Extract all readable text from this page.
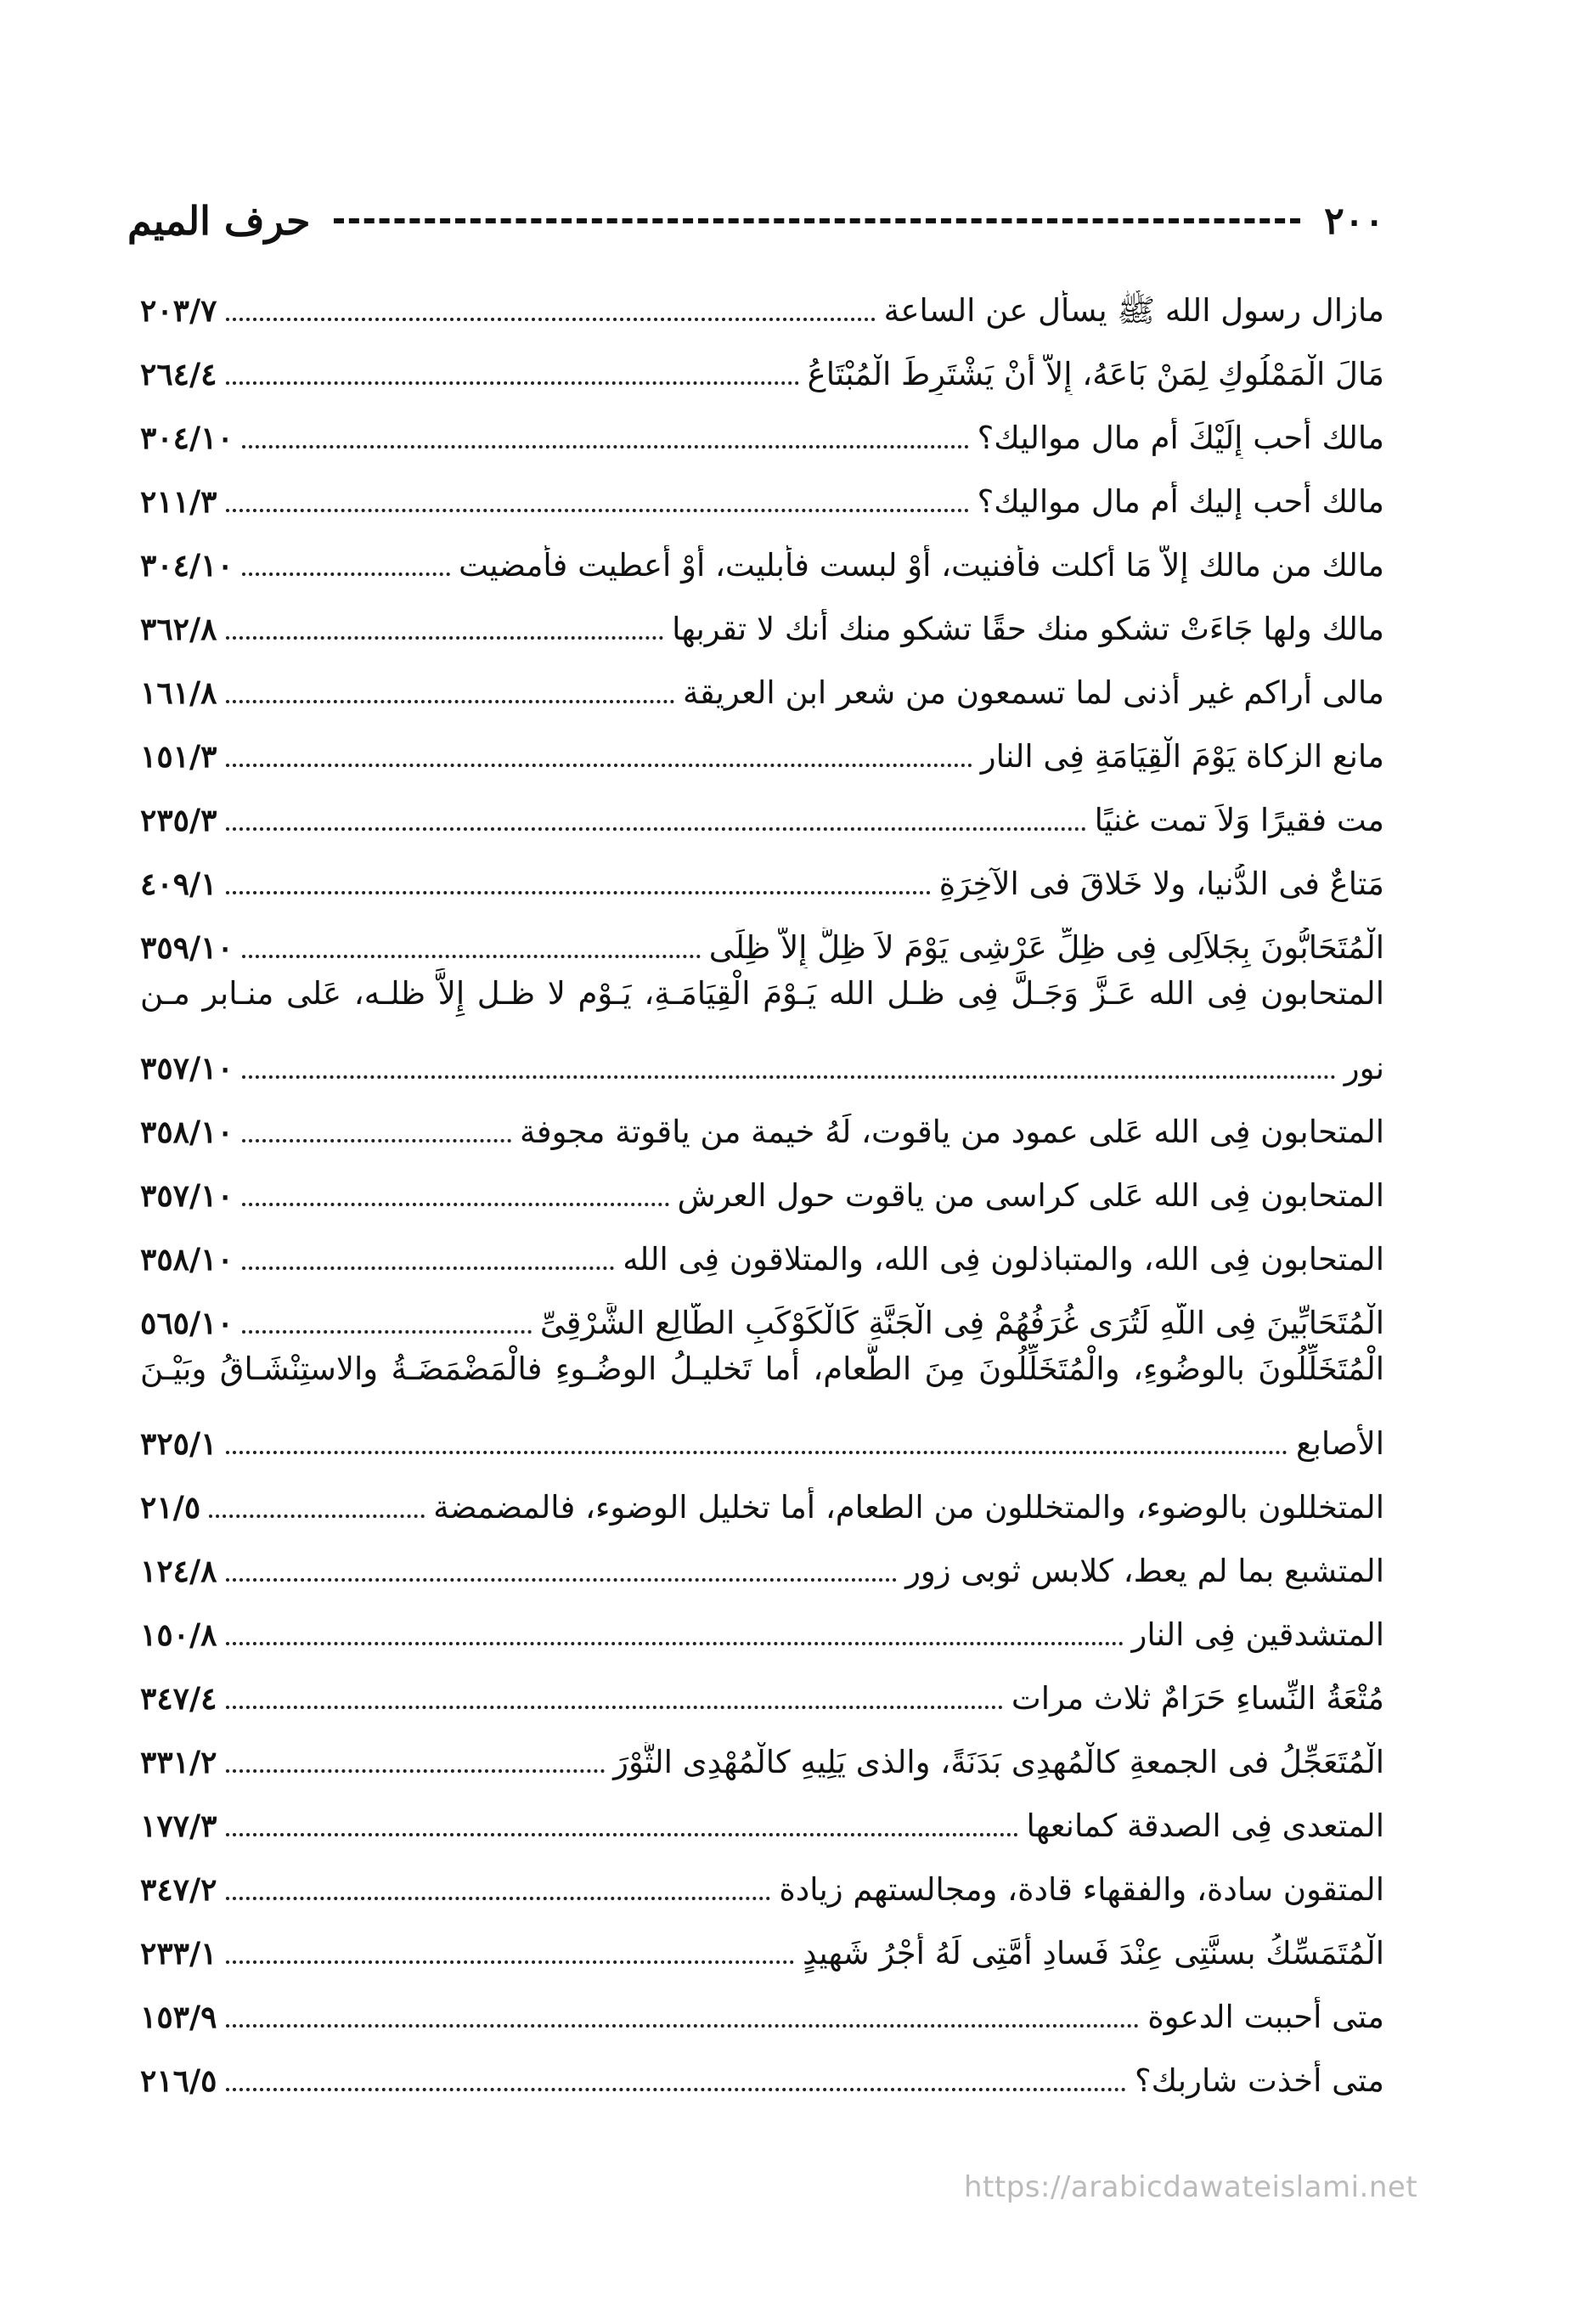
٢٠٠
حرف الميم
مازال رسول الله ﷺ يسأل عن الساعة
٢٠٣/٧
مَالَ الْمَمْلُوكِ لِمَنْ بَاعَهُ، إِلاَّ أَنْ يَشْتَرِطَ الْمُبْتَاعُ
٢٦٤/٤
مالك أحب إِلَيْكَ أم مال مواليك؟
٣٠٤/١٠
مالك أحب إليك أم مال مواليك؟
٢١١/٣
مالك من مالك إلاَّ مَا أكلت فأفنيت، أوْ لبست فأبليت، أوْ أعطيت فأمضيت
٣٠٤/١٠
مالك ولها جَاءَتْ تشكو منك حقًا تشكو منك أنك لا تقربها
٣٦٢/٨
مالى أراكم غير أذنى لما تسمعون من شعر ابن العريقة
١٦١/٨
مانع الزكاة يَوْمَ الْقِيَامَةِ فِى النار
١٥١/٣
مت فقيرًا وَلاَ تمت غنيًا
٢٣٥/٣
مَتاعٌ فى الدُّنيا، ولا خَلاقَ فى الآخِرَةِ
٤٠٩/١
الْمُتَحَابُّونَ بِجَلاَلِى فِى ظِلِّ عَرْشِى يَوْمَ لاَ ظِلَّ إِلاَّ ظِلِّى
٣٥٩/١٠
المتحابون فِى الله عَـزَّ وَجَـلَّ فِى ظـل الله يَـوْمَ الْقِيَامَـةِ، يَـوْم لا ظـل إِلاَّ ظلـه، عَلى منـابر مـن
نور
٣٥٧/١٠
المتحابون فِى الله عَلى عمود من ياقوت، لَهُ خيمة من ياقوتة مجوفة
٣٥٨/١٠
المتحابون فِى الله عَلى كراسى من ياقوت حول العرش
٣٥٧/١٠
المتحابون فِى الله، والمتباذلون فِى الله، والمتلاقون فِى الله
٣٥٨/١٠
الْمُتَحَابِّينَ فِى اللَّهِ لَتُرَى غُرَفُهُمْ فِى الْجَنَّةِ كَالْكَوْكَبِ الطَّالِعِ الشَّرْقِىِّ
٥٦٥/١٠
الْمُتَخَلِّلُونَ بالوضُوءِ، والْمُتَخَلِّلُونَ مِنَ الطَّعام، أما تَخليـلُ الوضُـوءِ فالْمَضْمَضَـةُ والاستِنْشَـاقُ وبَيْـنَ
الأصابعِ
٣٢٥/١
المتخللون بالوضوء، والمتخللون من الطعام، أما تخليل الوضوء، فالمضمضة
٢١/٥
المتشبع بما لم يعط، كلابس ثوبى زور
١٢٤/٨
المتشدقين فِى النار
١٥٠/٨
مُتْعَةُ النِّساءِ حَرَامٌ ثلاث مرات
٣٤٧/٤
الْمُتَعَجِّلُ فى الجمعةِ كالْمُهدِى بَدَنَةً، والذى يَلِيهِ كالْمُهْدِى الثَّوْرَ
٣٣١/٢
المتعدى فِى الصدقة كمانعها
١٧٧/٣
المتقون سادة، والفقهاء قادة، ومجالستهم زيادة
٣٤٧/٢
الْمُتَمَسِّكُ بسنَّتِى عِنْدَ فَسادِ أُمَّتِى لَهُ أَجْرُ شَهِيدٍ
٢٣٣/١
متى أحببت الدعوة
١٥٣/٩
متى أخذت شاربك؟
٢١٦/٥
https://arabicdawateislami.net
